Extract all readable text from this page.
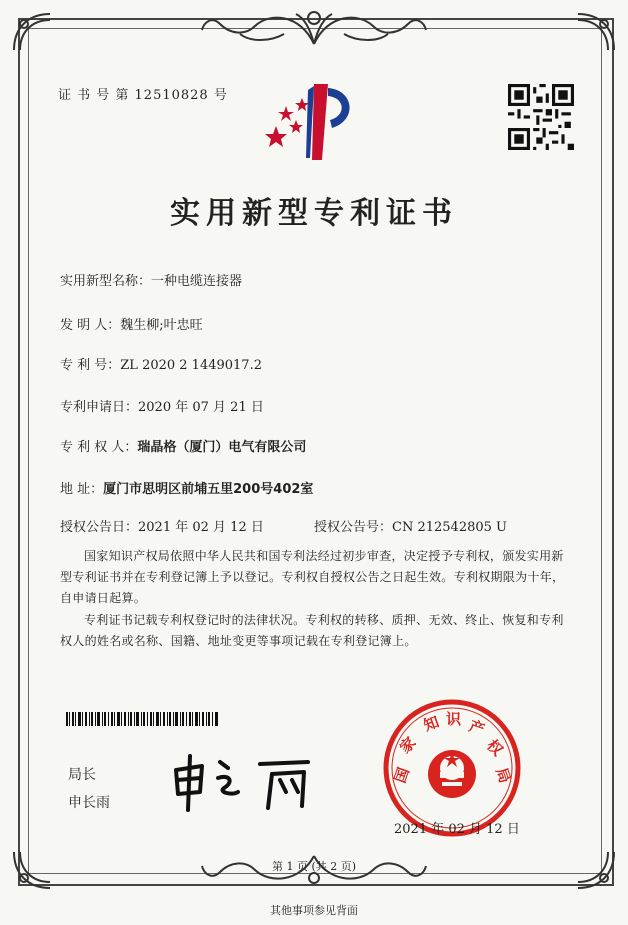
证 书 号 第 12510828 号
实用新型专利证书
实用新型名称：一种电缆连接器
发 明 人：魏生柳;叶忠旺
专 利 号：ZL 2020 2 1449017.2
专利申请日：2020 年 07 月 21 日
专 利 权 人：瑞晶格（厦门）电气有限公司
地 址：厦门市思明区前埔五里200号402室
授权公告日：2021 年 02 月 12 日	授权公告号：CN 212542805 U
国家知识产权局依照中华人民共和国专利法经过初步审查，决定授予专利权，颁发实用新型专利证书并在专利登记簿上予以登记。专利权自授权公告之日起生效。专利权期限为十年，自申请日起算。
专利证书记载专利权登记时的法律状况。专利权的转移、质押、无效、终止、恢复和专利权人的姓名或名称、国籍、地址变更等事项记载在专利登记簿上。
局长
申长雨
国
家
知 识 产
权
局
2021 年 02 月 12 日
第 1 页 (共 2 页)
其他事项参见背面
